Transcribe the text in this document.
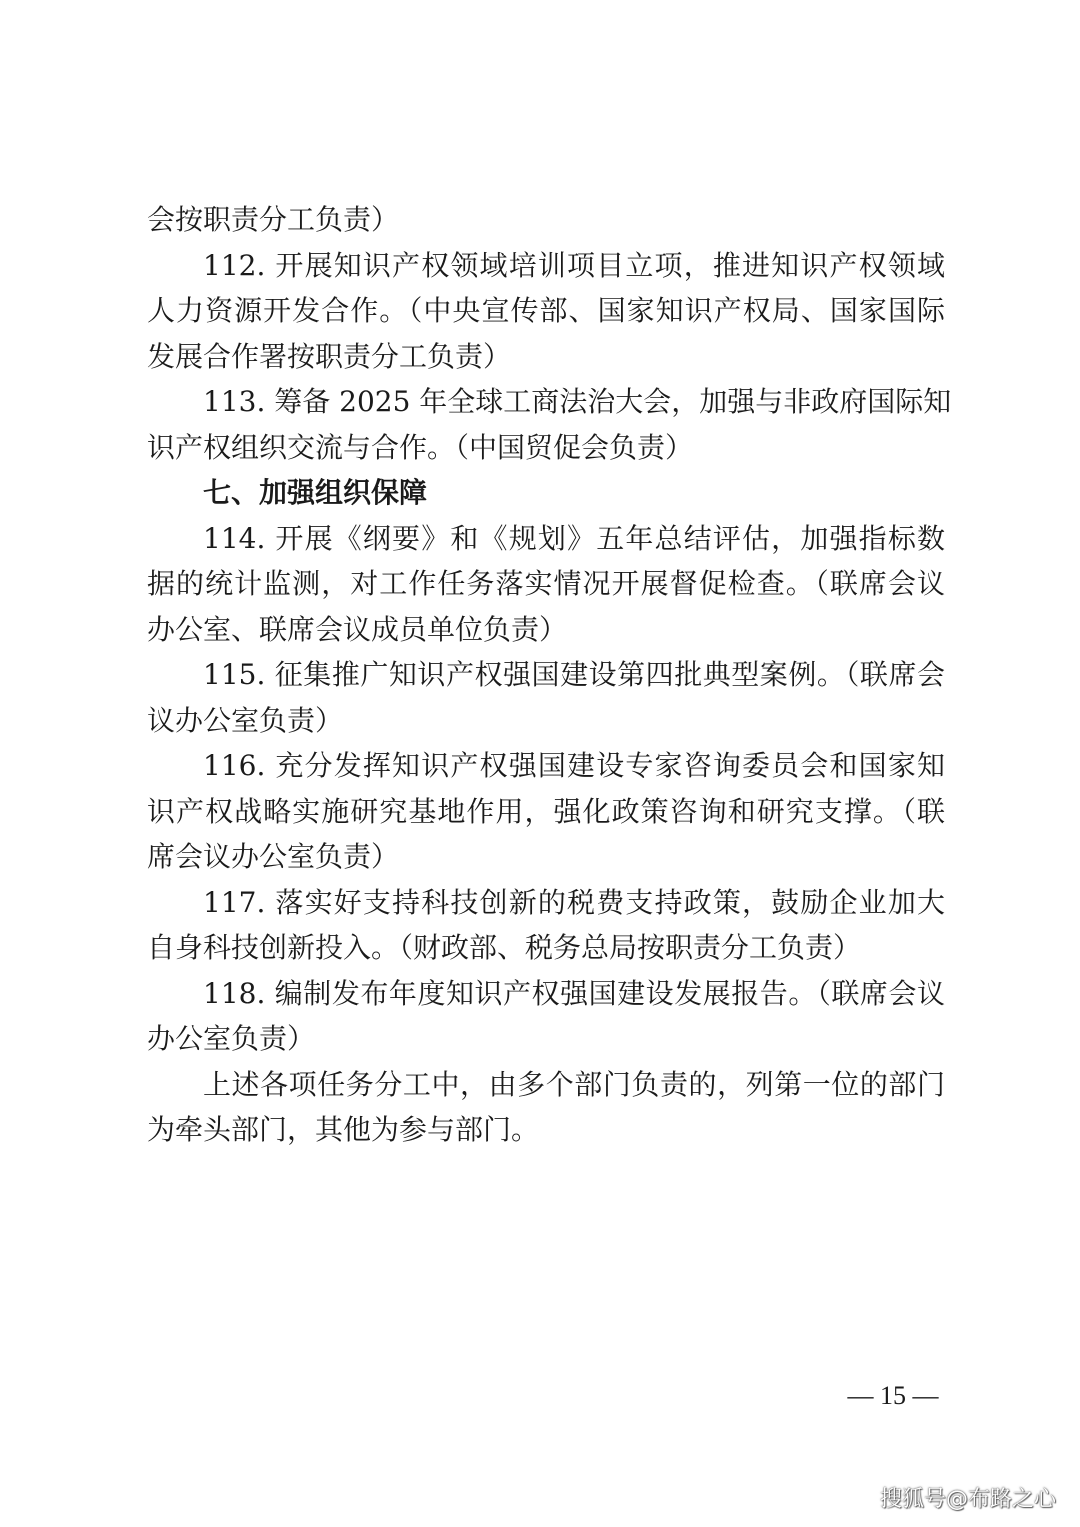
会按职责分工负责）
112. 开展知识产权领域培训项目立项，推进知识产权领域
人力资源开发合作。（中央宣传部、国家知识产权局、国家国际
发展合作署按职责分工负责）
113. 筹备 2025 年全球工商法治大会，加强与非政府国际知
识产权组织交流与合作。（中国贸促会负责）
七、加强组织保障
114. 开展《纲要》和《规划》五年总结评估，加强指标数
据的统计监测，对工作任务落实情况开展督促检查。（联席会议
办公室、联席会议成员单位负责）
115. 征集推广知识产权强国建设第四批典型案例。（联席会
议办公室负责）
116. 充分发挥知识产权强国建设专家咨询委员会和国家知
识产权战略实施研究基地作用，强化政策咨询和研究支撑。（联
席会议办公室负责）
117. 落实好支持科技创新的税费支持政策，鼓励企业加大
自身科技创新投入。（财政部、税务总局按职责分工负责）
118. 编制发布年度知识产权强国建设发展报告。（联席会议
办公室负责）
上述各项任务分工中，由多个部门负责的，列第一位的部门
为牵头部门，其他为参与部门。
— 15 —
搜狐号@布路之心
